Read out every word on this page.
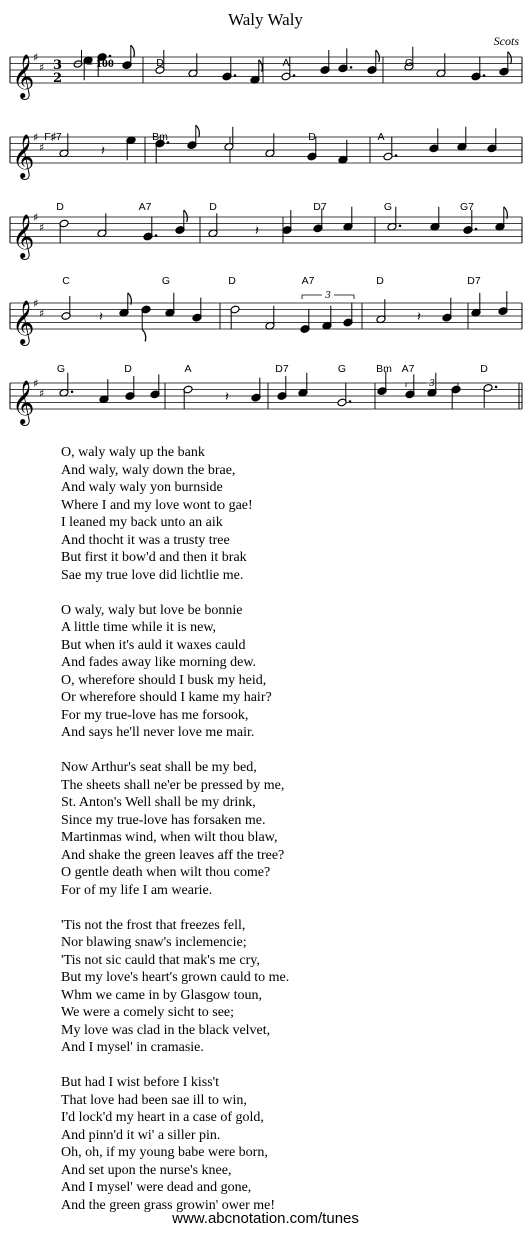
Waly Waly
Scots
𝄞
♯
♯ 3
2
𝄞
♯
♯
𝄞
♯
♯
𝄞
♯
♯
𝄞
♯
♯
𝄽
𝄽
𝄽	𝄽
3
𝄽
3
D	A	G
F♯7	Bm	D	A
D	A7	D	D7	G	G7
C	G	D	A7	D	D7
G	D	A	D7	G	Bm A7	D
= 100
O, waly waly up the bank
And waly, waly down the brae,
And waly waly yon burnside
Where I and my love wont to gae!
I leaned my back unto an aik
And thocht it was a trusty tree
But first it bow'd and then it brak
Sae my true love did lichtlie me.
O waly, waly but love be bonnie
A little time while it is new,
But when it's auld it waxes cauld
And fades away like morning dew.
O, wherefore should I busk my heid,
Or wherefore should I kame my hair?
For my true-love has me forsook,
And says he'll never love me mair.
Now Arthur's seat shall be my bed,
The sheets shall ne'er be pressed by me,
St. Anton's Well shall be my drink,
Since my true-love has forsaken me.
Martinmas wind, when wilt thou blaw,
And shake the green leaves aff the tree?
O gentle death when wilt thou come?
For of my life I am wearie.
'Tis not the frost that freezes fell,
Nor blawing snaw's inclemencie;
'Tis not sic cauld that mak's me cry,
But my love's heart's grown cauld to me.
Whm we came in by Glasgow toun,
We were a comely sicht to see;
My love was clad in the black velvet,
And I mysel' in cramasie.
But had I wist before I kiss't
That love had been sae ill to win,
I'd lock'd my heart in a case of gold,
And pinn'd it wi' a siller pin.
Oh, oh, if my young babe were born,
And set upon the nurse's knee,
And I mysel' were dead and gone,
And the green grass growin' ower me!
www.abcnotation.com/tunes
